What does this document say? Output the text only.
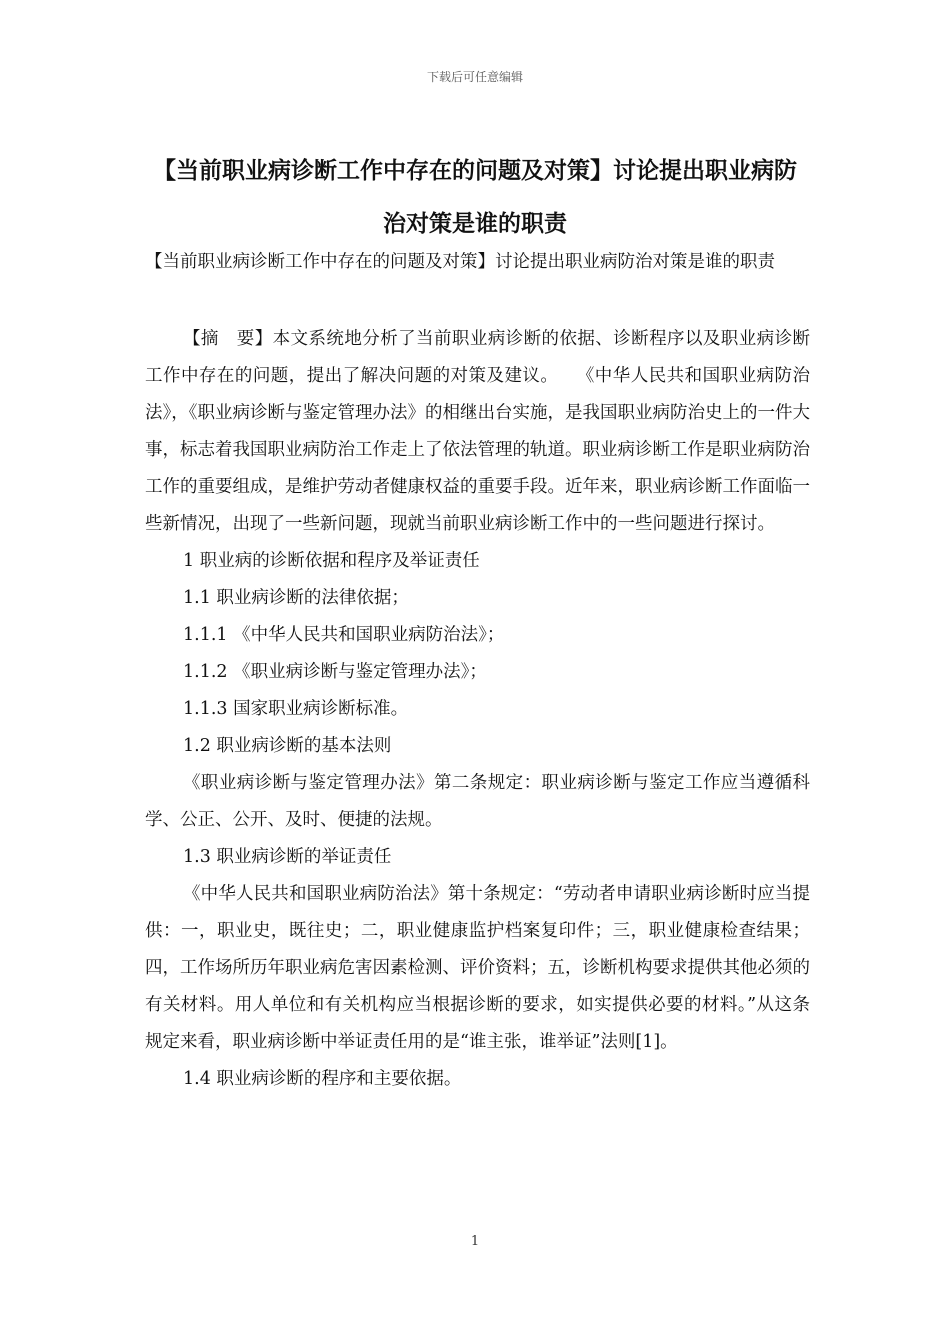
下载后可任意编辑
【当前职业病诊断工作中存在的问题及对策】讨论提出职业病防治对策是谁的职责

【当前职业病诊断工作中存在的问题及对策】讨论提出职业病防治对策是谁的职责

【摘　要】本文系统地分析了当前职业病诊断的依据、诊断程序以及职业病诊断工作中存在的问题，提出了解决问题的对策及建议。　　《中华人民共和国职业病防治法》，《职业病诊断与鉴定管理办法》的相继出台实施，是我国职业病防治史上的一件大事，标志着我国职业病防治工作走上了依法管理的轨道。职业病诊断工作是职业病防治工作的重要组成，是维护劳动者健康权益的重要手段。近年来，职业病诊断工作面临一些新情况，出现了一些新问题，现就当前职业病诊断工作中的一些问题进行探讨。

1 职业病的诊断依据和程序及举证责任

1.1 职业病诊断的法律依据；

1.1.1 《中华人民共和国职业病防治法》；

1.1.2 《职业病诊断与鉴定管理办法》；

1.1.3 国家职业病诊断标准。

1.2 职业病诊断的基本法则

《职业病诊断与鉴定管理办法》第二条规定：职业病诊断与鉴定工作应当遵循科学、公正、公开、及时、便捷的法规。

1.3 职业病诊断的举证责任

《中华人民共和国职业病防治法》第十条规定：“劳动者申请职业病诊断时应当提供：一，职业史，既往史；二，职业健康监护档案复印件；三，职业健康检查结果；四，工作场所历年职业病危害因素检测、评价资料；五，诊断机构要求提供其他必须的有关材料。用人单位和有关机构应当根据诊断的要求，如实提供必要的材料。”从这条规定来看，职业病诊断中举证责任用的是“谁主张，谁举证”法则[1]。

1.4 职业病诊断的程序和主要依据。

1
